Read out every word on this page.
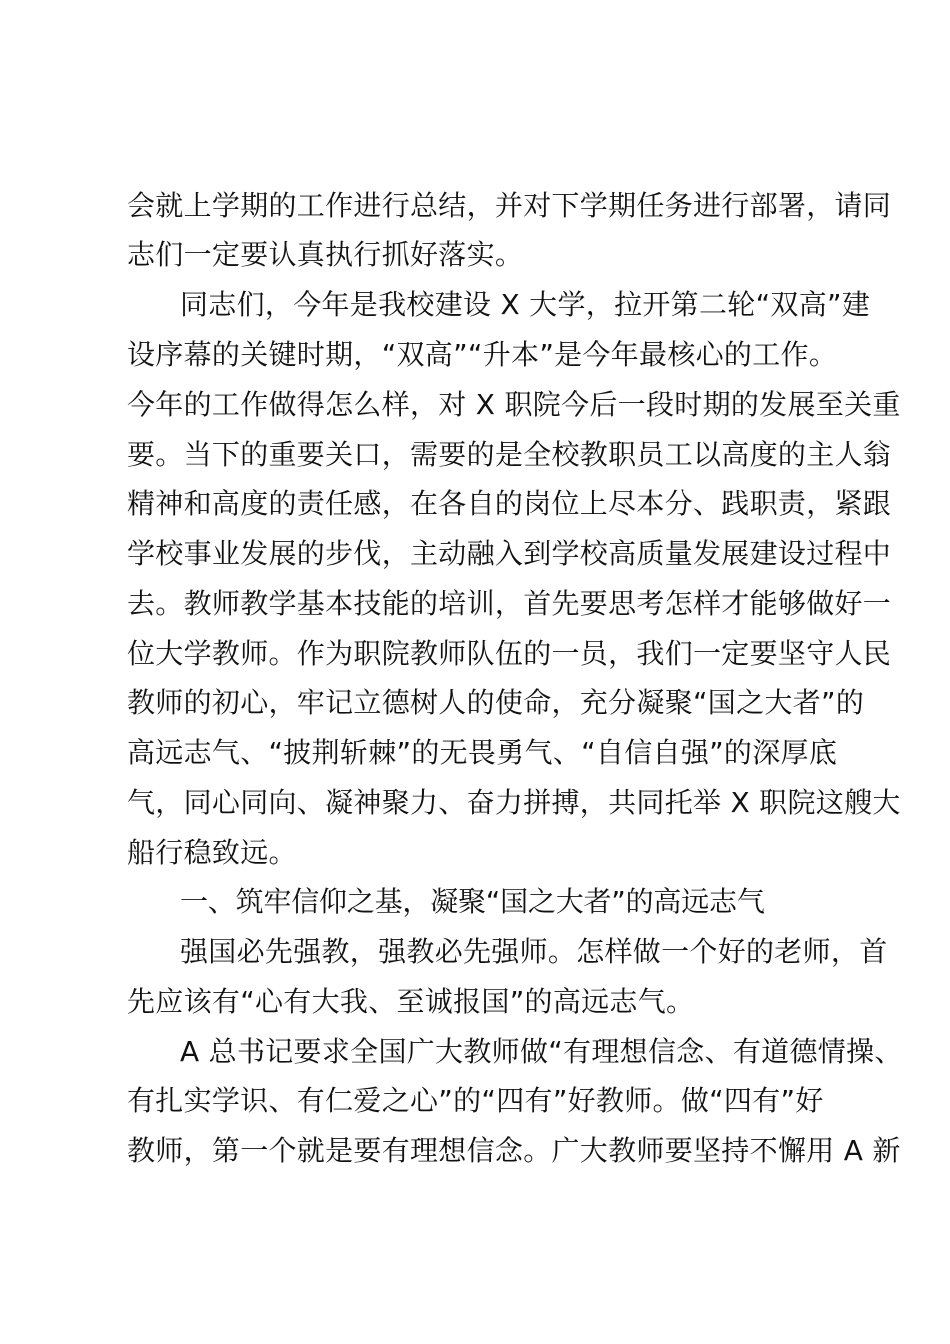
会就上学期的工作进行总结，并对下学期任务进行部署，请同
志们一定要认真执行抓好落实。
同志们，今年是我校建设 X 大学，拉开第二轮“双高”建
设序幕的关键时期，“双高”“升本”是今年最核心的工作。
今年的工作做得怎么样，对 X 职院今后一段时期的发展至关重
要。当下的重要关口，需要的是全校教职员工以高度的主人翁
精神和高度的责任感，在各自的岗位上尽本分、践职责，紧跟
学校事业发展的步伐，主动融入到学校高质量发展建设过程中
去。教师教学基本技能的培训，首先要思考怎样才能够做好一
位大学教师。作为职院教师队伍的一员，我们一定要坚守人民
教师的初心，牢记立德树人的使命，充分凝聚“国之大者”的
高远志气、“披荆斩棘”的无畏勇气、“自信自强”的深厚底
气，同心同向、凝神聚力、奋力拼搏，共同托举 X 职院这艘大
船行稳致远。
一、筑牢信仰之基，凝聚“国之大者”的高远志气
强国必先强教，强教必先强师。怎样做一个好的老师，首
先应该有“心有大我、至诚报国”的高远志气。
A 总书记要求全国广大教师做“有理想信念、有道德情操、
有扎实学识、有仁爱之心”的“四有”好教师。做“四有”好
教师，第一个就是要有理想信念。广大教师要坚持不懈用 A 新
